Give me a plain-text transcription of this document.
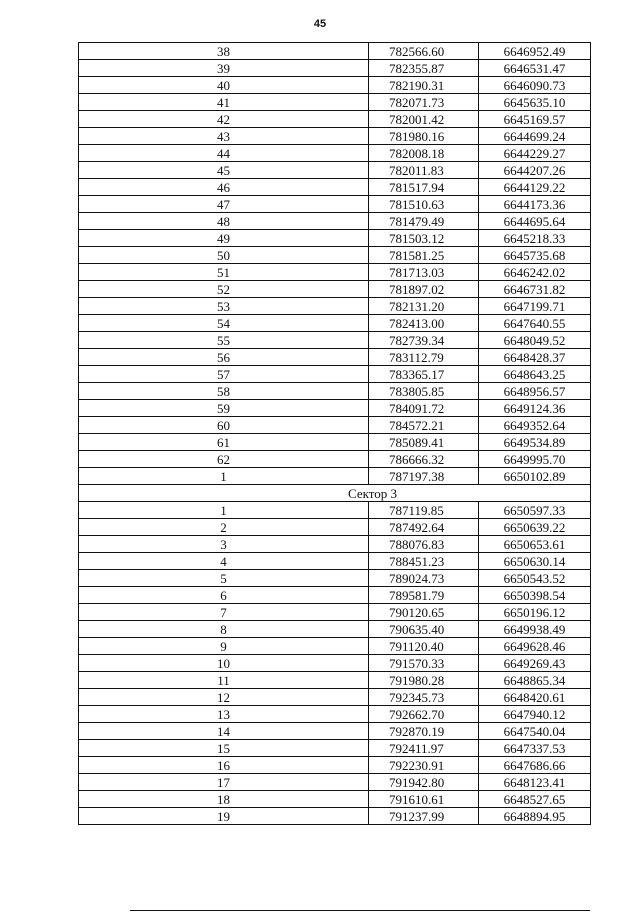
45
38	782566.60	6646952.49
39	782355.87	6646531.47
40	782190.31	6646090.73
41	782071.73	6645635.10
42	782001.42	6645169.57
43	781980.16	6644699.24
44	782008.18	6644229.27
45	782011.83	6644207.26
46	781517.94	6644129.22
47	781510.63	6644173.36
48	781479.49	6644695.64
49	781503.12	6645218.33
50	781581.25	6645735.68
51	781713.03	6646242.02
52	781897.02	6646731.82
53	782131.20	6647199.71
54	782413.00	6647640.55
55	782739.34	6648049.52
56	783112.79	6648428.37
57	783365.17	6648643.25
58	783805.85	6648956.57
59	784091.72	6649124.36
60	784572.21	6649352.64
61	785089.41	6649534.89
62	786666.32	6649995.70
1	787197.38	6650102.89
Сектор 3		
1	787119.85	6650597.33
2	787492.64	6650639.22
3	788076.83	6650653.61
4	788451.23	6650630.14
5	789024.73	6650543.52
6	789581.79	6650398.54
7	790120.65	6650196.12
8	790635.40	6649938.49
9	791120.40	6649628.46
10	791570.33	6649269.43
11	791980.28	6648865.34
12	792345.73	6648420.61
13	792662.70	6647940.12
14	792870.19	6647540.04
15	792411.97	6647337.53
16	792230.91	6647686.66
17	791942.80	6648123.41
18	791610.61	6648527.65
19	791237.99	6648894.95
